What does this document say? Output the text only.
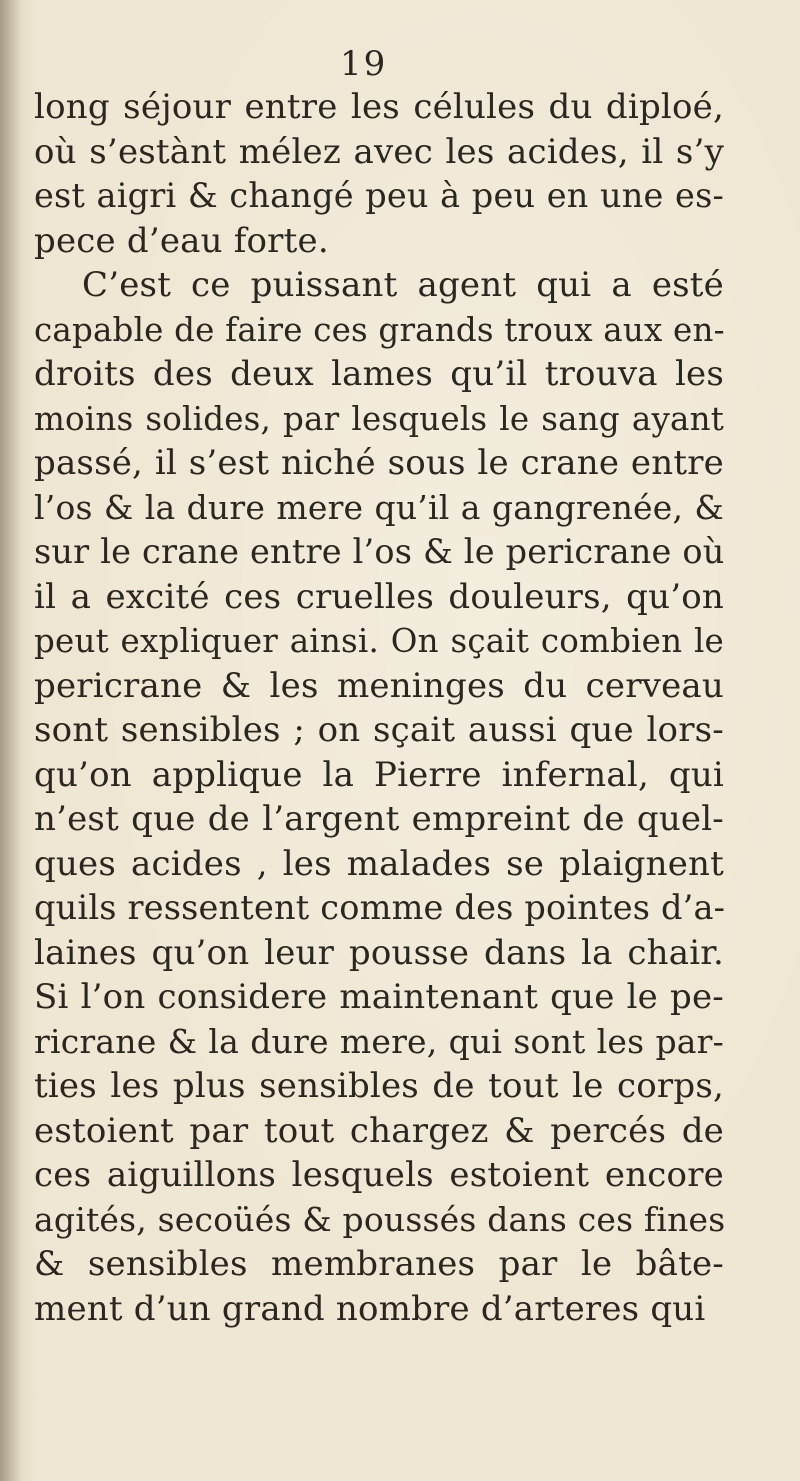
19
long séjour entre les célules du diploé,
où s’estànt mélez avec les acides, il s’y
est aigri & changé peu à peu en une es-
pece d’eau forte.
C’est ce puissant agent qui a esté
capable de faire ces grands troux aux en-
droits des deux lames qu’il trouva les
moins solides, par lesquels le sang ayant
passé, il s’est niché sous le crane entre
l’os & la dure mere qu’il a gangrenée, &
sur le crane entre l’os & le pericrane où
il a excité ces cruelles douleurs, qu’on
peut expliquer ainsi. On sçait combien le
pericrane & les meninges du cerveau
sont sensibles ; on sçait aussi que lors-
qu’on applique la Pierre infernal, qui
n’est que de l’argent empreint de quel-
ques acides , les malades se plaignent
quils ressentent comme des pointes d’a-
laines qu’on leur pousse dans la chair.
Si l’on considere maintenant que le pe-
ricrane & la dure mere, qui sont les par-
ties les plus sensibles de tout le corps,
estoient par tout chargez & percés de
ces aiguillons lesquels estoient encore
agités, secoüés & poussés dans ces fines
& sensibles membranes par le bâte-
ment d’un grand nombre d’arteres qui
